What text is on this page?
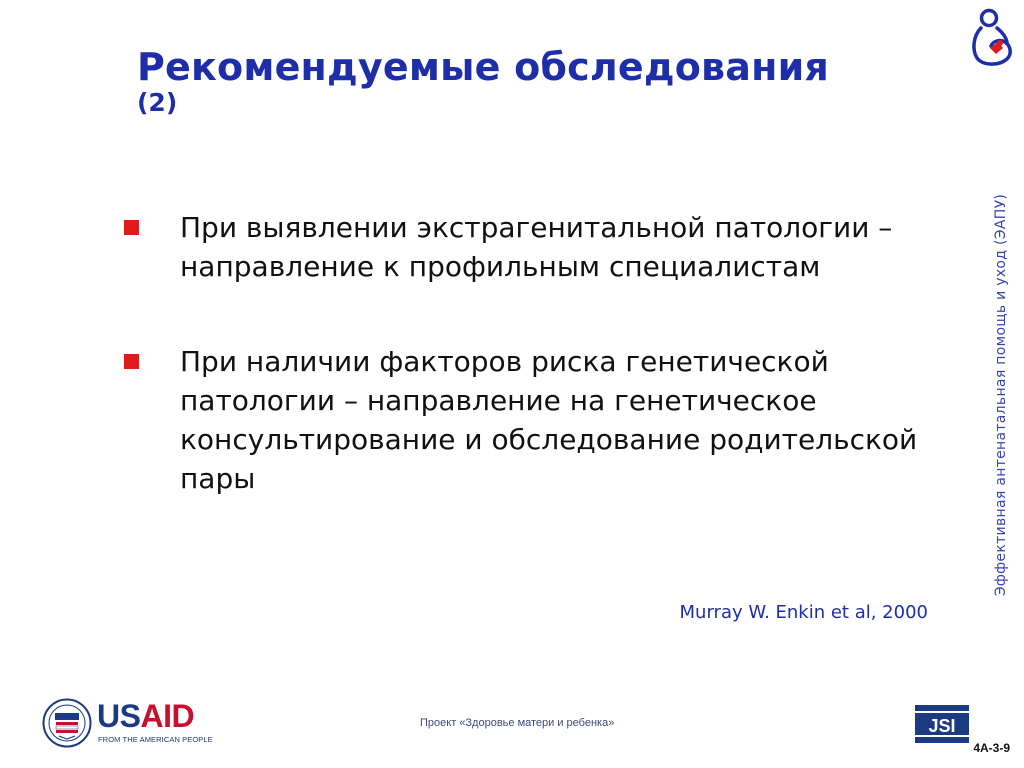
Рекомендуемые обследования
(2)
При выявлении экстрагенитальной патологии – направление к профильным специалистам
При наличии факторов риска генетической патологии – направление на генетическое консультирование и обследование родительской пары
Murray W. Enkin et al, 2000
Эффективная антенатальная помощь и уход (ЭАПУ)
USAID
FROM THE AMERICAN PEOPLE
Проект «Здоровье матери и ребенка»	JSI
4A-3-9
